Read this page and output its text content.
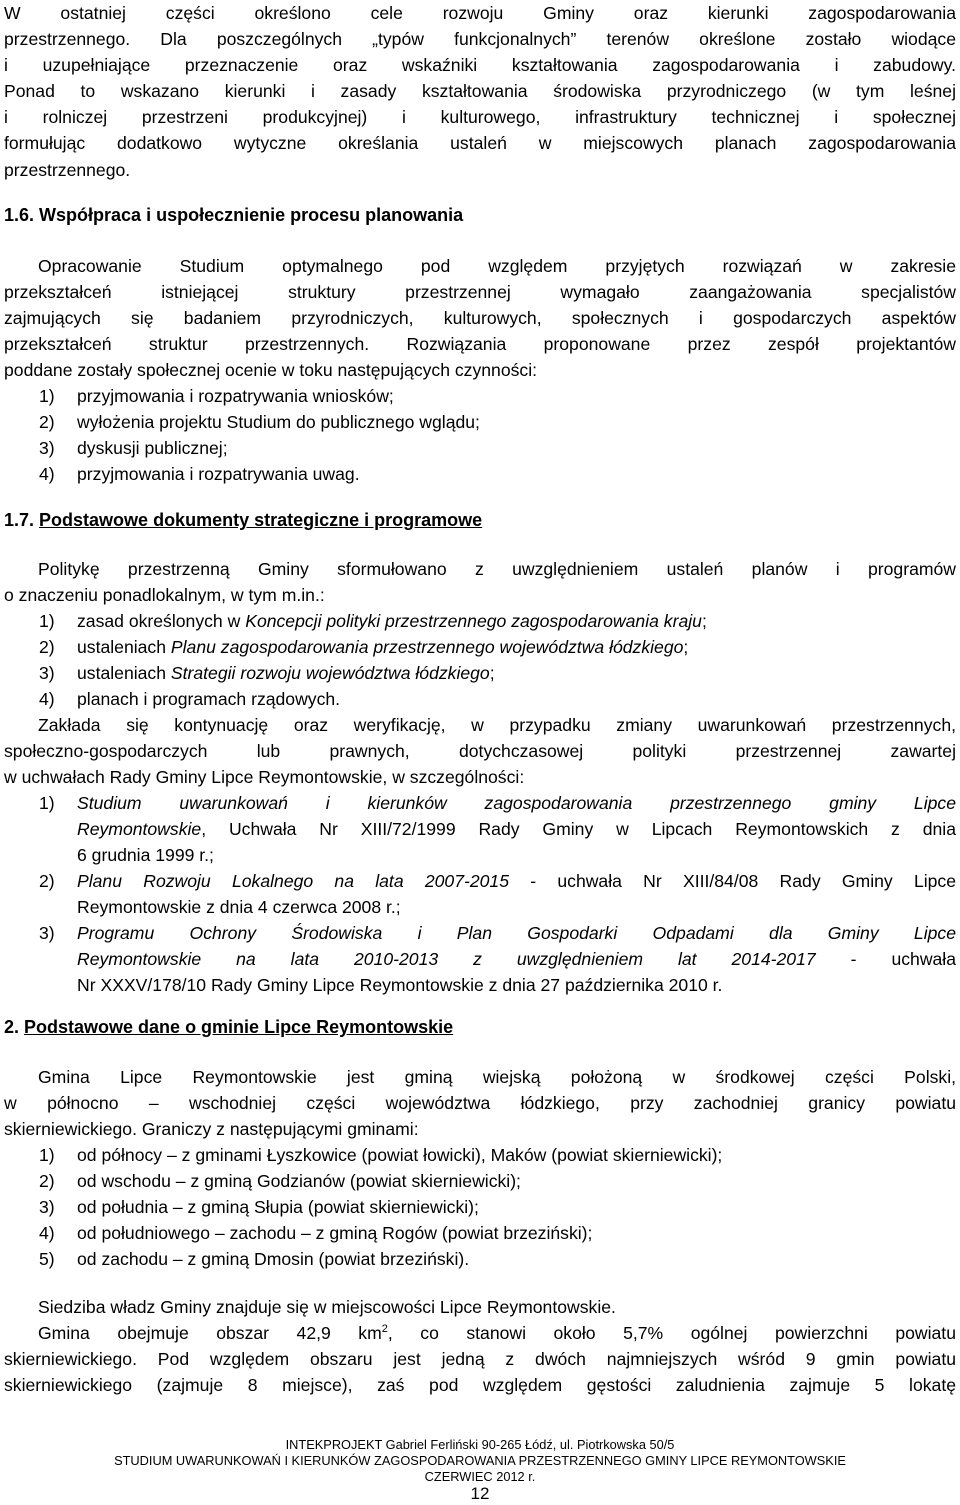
W ostatniej części określono cele rozwoju Gminy oraz kierunki zagospodarowania
przestrzennego. Dla poszczególnych „typów funkcjonalnych” terenów określone zostało wiodące
i uzupełniające przeznaczenie oraz wskaźniki kształtowania zagospodarowania i zabudowy.
Ponad to wskazano kierunki i zasady kształtowania środowiska przyrodniczego (w tym leśnej
i rolniczej przestrzeni produkcyjnej) i kulturowego, infrastruktury technicznej i społecznej
formułując dodatkowo wytyczne określania ustaleń w miejscowych planach zagospodarowania
przestrzennego.
1.6. Współpraca i uspołecznienie procesu planowania
Opracowanie Studium optymalnego pod względem przyjętych rozwiązań w zakresie
przekształceń istniejącej struktury przestrzennej wymagało zaangażowania specjalistów
zajmujących się badaniem przyrodniczych, kulturowych, społecznych i gospodarczych aspektów
przekształceń struktur przestrzennych. Rozwiązania proponowane przez zespół projektantów
poddane zostały społecznej ocenie w toku następujących czynności:
1) przyjmowania i rozpatrywania wniosków;
2) wyłożenia projektu Studium do publicznego wglądu;
3) dyskusji publicznej;
4) przyjmowania i rozpatrywania uwag.
1.7. Podstawowe dokumenty strategiczne i programowe
Politykę przestrzenną Gminy sformułowano z uwzględnieniem ustaleń planów i programów
o znaczeniu ponadlokalnym, w tym m.in.:
1) zasad określonych w Koncepcji polityki przestrzennego zagospodarowania kraju;
2) ustaleniach Planu zagospodarowania przestrzennego województwa łódzkiego;
3) ustaleniach Strategii rozwoju województwa łódzkiego;
4) planach i programach rządowych.
Zakłada się kontynuację oraz weryfikację, w przypadku zmiany uwarunkowań przestrzennych,
społeczno-gospodarczych lub prawnych, dotychczasowej polityki przestrzennej zawartej
w uchwałach Rady Gminy Lipce Reymontowskie, w szczególności:
1) Studium uwarunkowań i kierunków zagospodarowania przestrzennego gminy Lipce
Reymontowskie, Uchwała Nr XIII/72/1999 Rady Gminy w Lipcach Reymontowskich z dnia
6 grudnia 1999 r.;
2) Planu Rozwoju Lokalnego na lata 2007-2015 - uchwała Nr XIII/84/08 Rady Gminy Lipce
Reymontowskie z dnia 4 czerwca 2008 r.;
3) Programu Ochrony Środowiska i Plan Gospodarki Odpadami dla Gminy Lipce
Reymontowskie na lata 2010-2013 z uwzględnieniem lat 2014-2017 - uchwała
Nr XXXV/178/10 Rady Gminy Lipce Reymontowskie z dnia 27 października 2010 r.
2. Podstawowe dane o gminie Lipce Reymontowskie
Gmina Lipce Reymontowskie jest gminą wiejską położoną w środkowej części Polski,
w północno – wschodniej części województwa łódzkiego, przy zachodniej granicy powiatu
skierniewickiego. Graniczy z następującymi gminami:
1) od północy – z gminami Łyszkowice (powiat łowicki), Maków (powiat skierniewicki);
2) od wschodu – z gminą Godzianów (powiat skierniewicki);
3) od południa – z gminą Słupia (powiat skierniewicki);
4) od południowego – zachodu – z gminą Rogów (powiat brzeziński);
5) od zachodu – z gminą Dmosin (powiat brzeziński).
Siedziba władz Gminy znajduje się w miejscowości Lipce Reymontowskie.
Gmina obejmuje obszar 42,9 $km^2$, co stanowi około 5,7% ogólnej powierzchni powiatu
skierniewickiego. Pod względem obszaru jest jedną z dwóch najmniejszych wśród 9 gmin powiatu
skierniewickiego (zajmuje 8 miejsce), zaś pod względem gęstości zaludnienia zajmuje 5 lokatę
INTEKPROJEKT Gabriel Ferliński 90-265 Łódź, ul. Piotrkowska 50/5
STUDIUM UWARUNKOWAŃ I KIERUNKÓW ZAGOSPODAROWANIA PRZESTRZENNEGO GMINY LIPCE REYMONTOWSKIE
CZERWIEC 2012 r.
12
